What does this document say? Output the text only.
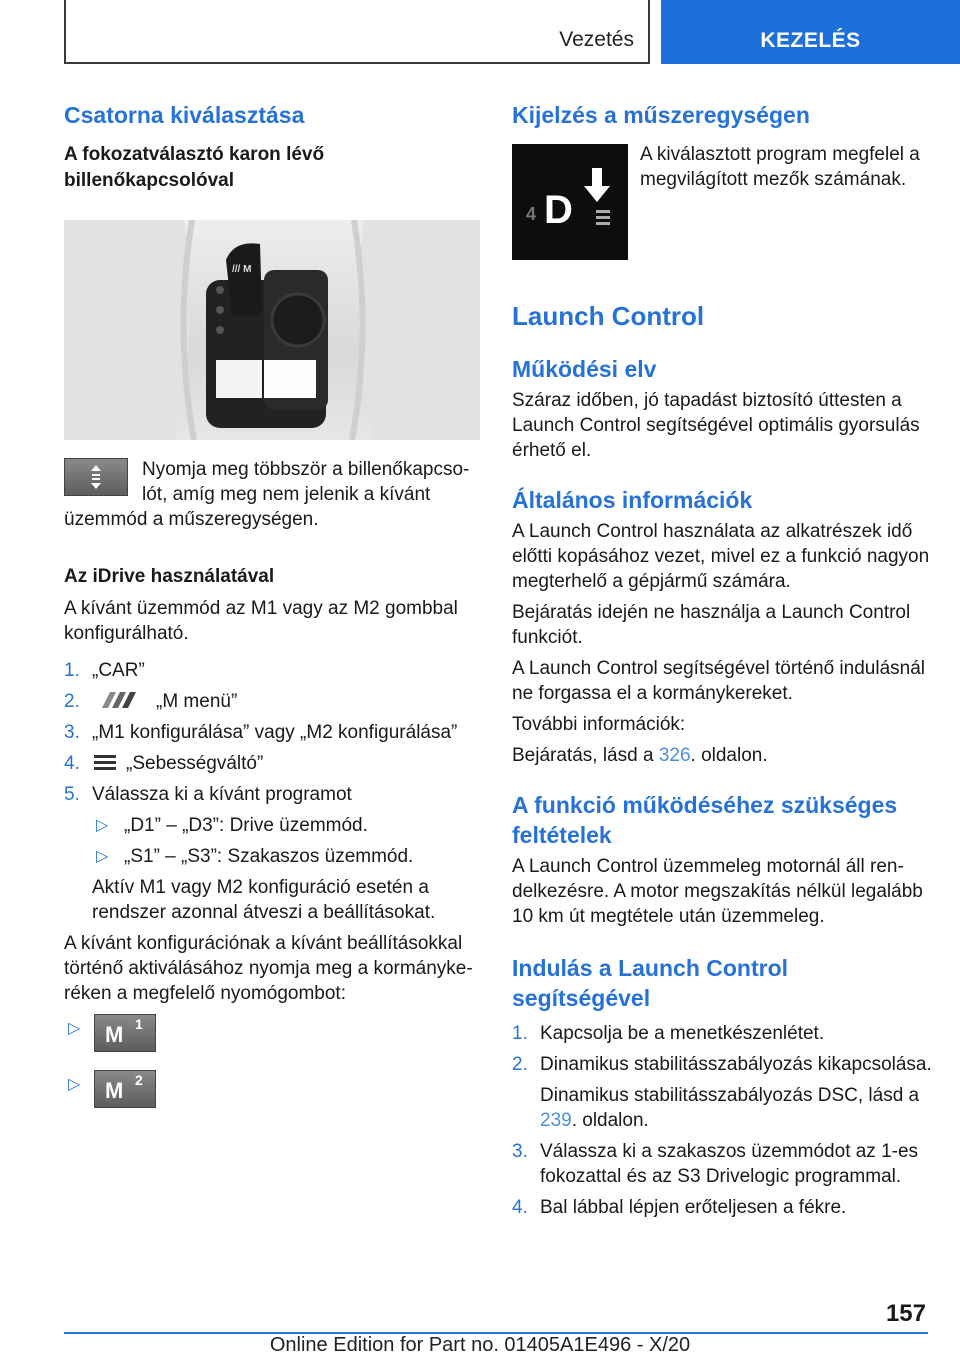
Vezetés	KEZELÉS
Csatorna kiválasztása
A fokozatválasztó karon lévő billenőkapcsolóval
/// M

Nyomja meg többször a billenőkapcso-

lót, amíg meg nem jelenik a kívánt

üzemmód a műszeregységen.

Az iDrive használatával

A kívánt üzemmód az M1 vagy az M2 gombbal konfigurálható.

1. „CAR”
2.	„M menü”
3. „M1 konfigurálása” vagy „M2 konfigurálása”
4. „Sebességváltó”
5. Válassza ki a kívánt programot
▷ „D1” – „D3”: Drive üzemmód.
▷ „S1” – „S3”: Szakaszos üzemmód.

Aktív M1 vagy M2 konfiguráció esetén a rendszer azonnal átveszi a beállításokat.

A kívánt konfigurációnak a kívánt beállításokkal történő aktiválásához nyomja meg a kormányke-réken a megfelelő nyomógombot:

▷ M 1
▷ M 2
Kijelzés a műszeregységen
4 D

A kiválasztott program megfelel a megvilágított mezők számának.

Launch Control
Működési elv

Száraz időben, jó tapadást biztosító úttesten a Launch Control segítségével optimális gyorsulás érhető el.

Általános információk

A Launch Control használata az alkatrészek idő előtti kopásához vezet, mivel ez a funkció nagyon megterhelő a gépjármű számára.

Bejáratás idején ne használja a Launch Control funkciót.

A Launch Control segítségével történő indulásnál ne forgassa el a kormánykereket.

További információk:

Bejáratás, lásd a 326. oldalon.

A funkció működéséhez szükséges feltételek

A Launch Control üzemmeleg motornál áll ren-delkezésre. A motor megszakítás nélkül legalább 10 km út megtétele után üzemmeleg.

Indulás a Launch Control segítségével
1. Kapcsolja be a menetkészenlétet.
2. Dinamikus stabilitásszabályozás kikapcsolása.

Dinamikus stabilitásszabályozás DSC, lásd a 239. oldalon.

3. Válassza ki a szakaszos üzemmódot az 1-es fokozattal és az S3 Drivelogic programmal.
4. Bal lábbal lépjen erőteljesen a fékre.
157
Online Edition for Part no. 01405A1E496 - X/20
